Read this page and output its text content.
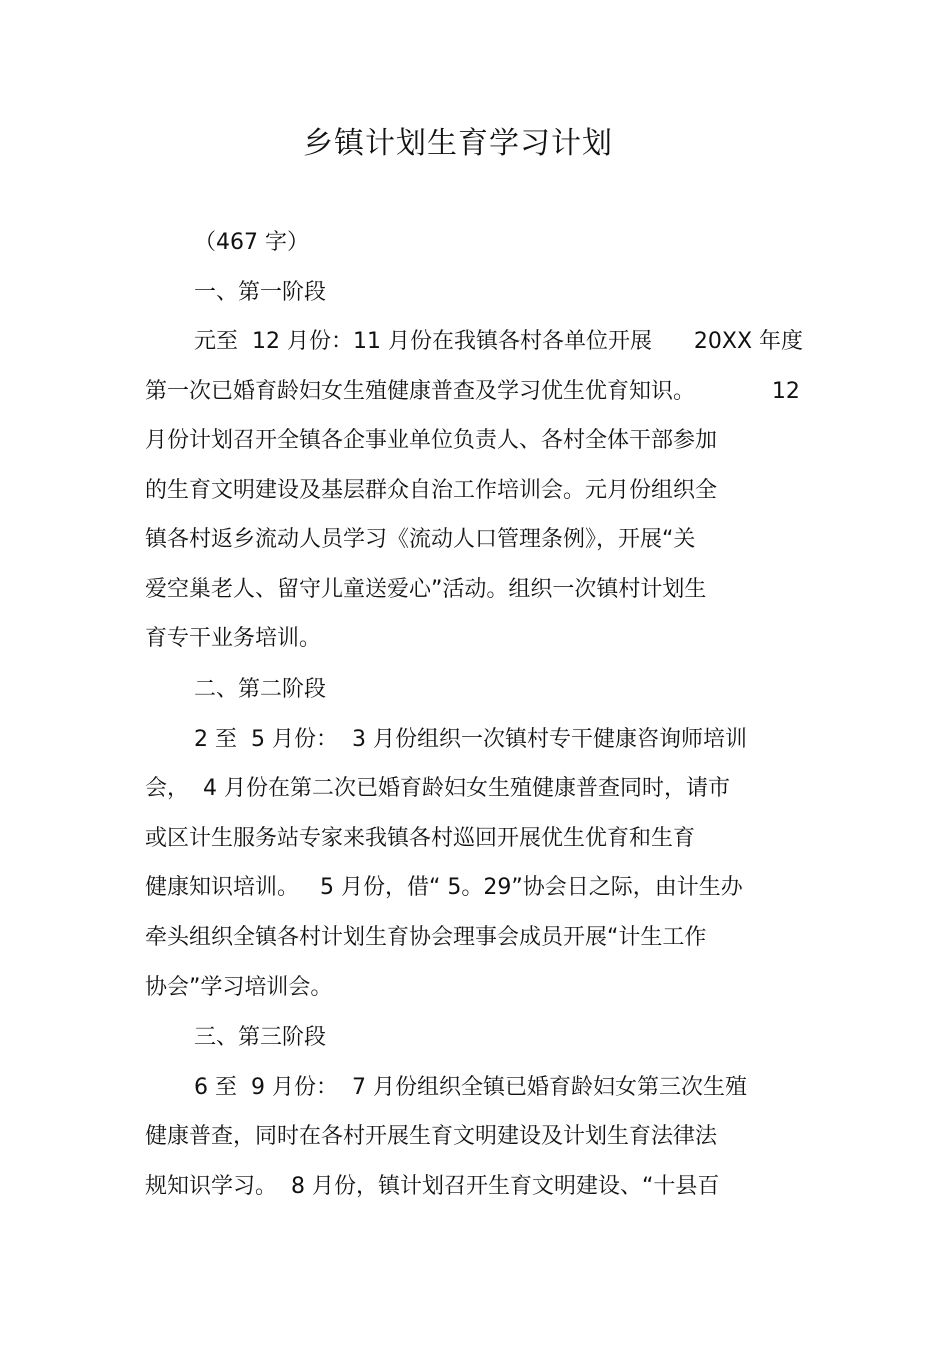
乡镇计划生育学习计划

（467 字）

一、第一阶段

元至  12 月份：11 月份在我镇各村各单位开展      20XX 年度

第一次已婚育龄妇女生殖健康普查及学习优生优育知识。           12

月份计划召开全镇各企事业单位负责人、各村全体干部参加

的生育文明建设及基层群众自治工作培训会。元月份组织全

镇各村返乡流动人员学习《流动人口管理条例》，开展“关

爱空巢老人、留守儿童送爱心”活动。组织一次镇村计划生

育专干业务培训。

二、第二阶段

2 至  5 月份：  3 月份组织一次镇村专干健康咨询师培训

会，  4 月份在第二次已婚育龄妇女生殖健康普查同时，请市

或区计生服务站专家来我镇各村巡回开展优生优育和生育

健康知识培训。   5 月份，借“ 5。29”协会日之际，由计生办

牵头组织全镇各村计划生育协会理事会成员开展“计生工作

协会”学习培训会。

三、第三阶段

6 至  9 月份：  7 月份组织全镇已婚育龄妇女第三次生殖

健康普查，同时在各村开展生育文明建设及计划生育法律法

规知识学习。  8 月份，镇计划召开生育文明建设、“十县百
